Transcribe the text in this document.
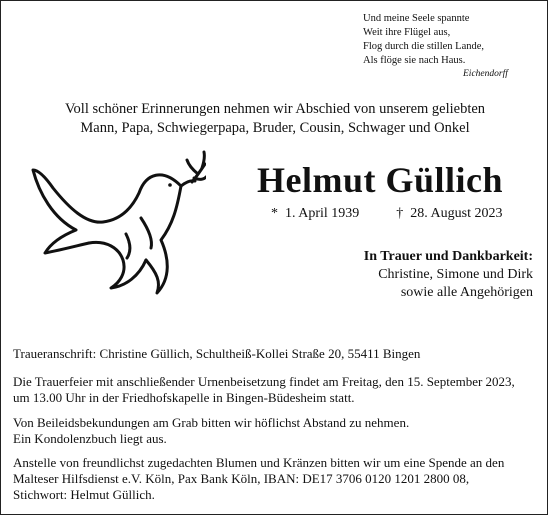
Und meine Seele spannte
Weit ihre Flügel aus,
Flog durch die stillen Lande,
Als flöge sie nach Haus.
Eichendorff
Voll schöner Erinnerungen nehmen wir Abschied von unserem geliebten
Mann, Papa, Schwiegerpapa, Bruder, Cousin, Schwager und Onkel
Helmut Güllich
* 1. April 1939	† 28. August 2023
In Trauer und Dankbarkeit:
Christine, Simone und Dirk
sowie alle Angehörigen
Traueranschrift: Christine Güllich, Schultheiß-Kollei Straße 20, 55411 Bingen
Die Trauerfeier mit anschließender Urnenbeisetzung findet am Freitag, den 15. September 2023,
um 13.00 Uhr in der Friedhofskapelle in Bingen-Büdesheim statt.
Von Beileidsbekundungen am Grab bitten wir höflichst Abstand zu nehmen.
Ein Kondolenzbuch liegt aus.
Anstelle von freundlichst zugedachten Blumen und Kränzen bitten wir um eine Spende an den
Malteser Hilfsdienst e.V. Köln, Pax Bank Köln, IBAN: DE17 3706 0120 1201 2800 08,
Stichwort: Helmut Güllich.
